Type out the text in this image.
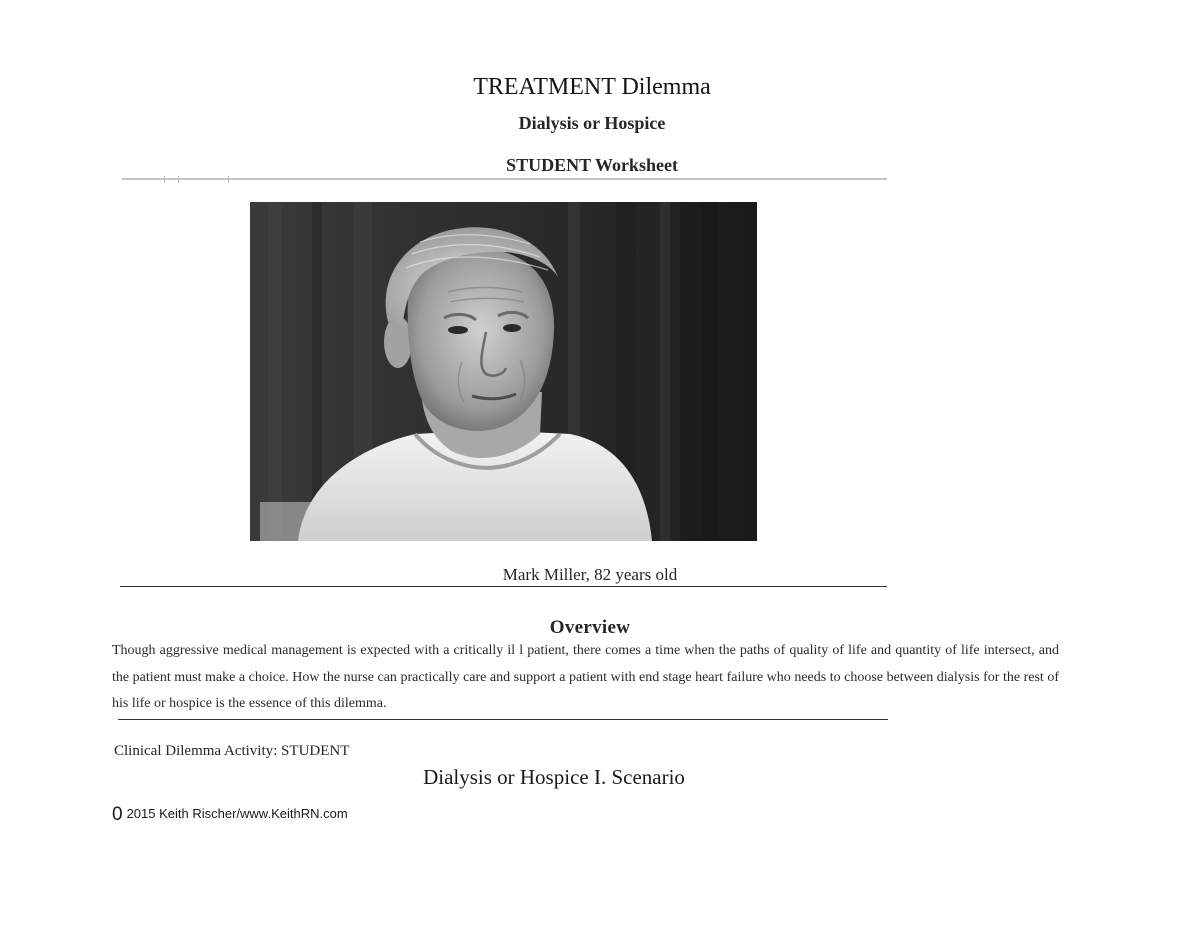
TREATMENT Dilemma
Dialysis or Hospice
STUDENT Worksheet
Mark Miller, 82 years old
Overview
Though aggressive medical management is expected with a critically il l patient, there comes a time when the paths of quality of life and quantity of life intersect, and the patient must make a choice. How the nurse can practically care and support a patient with end stage heart failure who needs to choose between dialysis for the rest of his life or hospice is the essence of this dilemma.
Clinical Dilemma Activity: STUDENT
Dialysis or Hospice I. Scenario
0 2015 Keith Rischer/www.KeithRN.com
